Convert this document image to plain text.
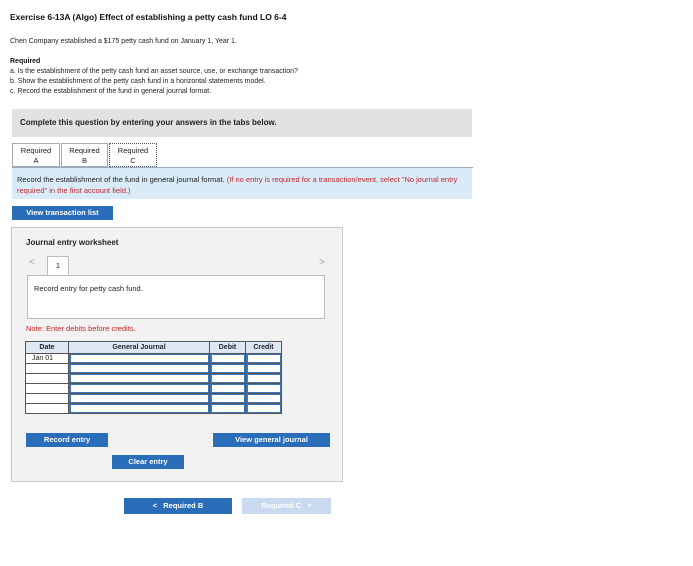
Exercise 6-13A (Algo) Effect of establishing a petty cash fund LO 6-4
Chen Company established a $175 petty cash fund on January 1, Year 1.
Required
a. Is the establishment of the petty cash fund an asset source, use, or exchange transaction?
b. Show the establishment of the petty cash fund in a horizontal statements model.
c. Record the establishment of the fund in general journal format.
Complete this question by entering your answers in the tabs below.
Required
A
Required
B
Required
C
Record the establishment of the fund in general journal format. (If no entry is required for a transaction/event, select "No journal entry required" in the first account field.)
View transaction list
Journal entry worksheet
<	1	>
Record entry for petty cash fund.
Note: Enter debits before credits.
Date	General Journal	Debit	Credit
Jan 01	

Record entry	View general journal
Clear entry
< Required B	Required C >
